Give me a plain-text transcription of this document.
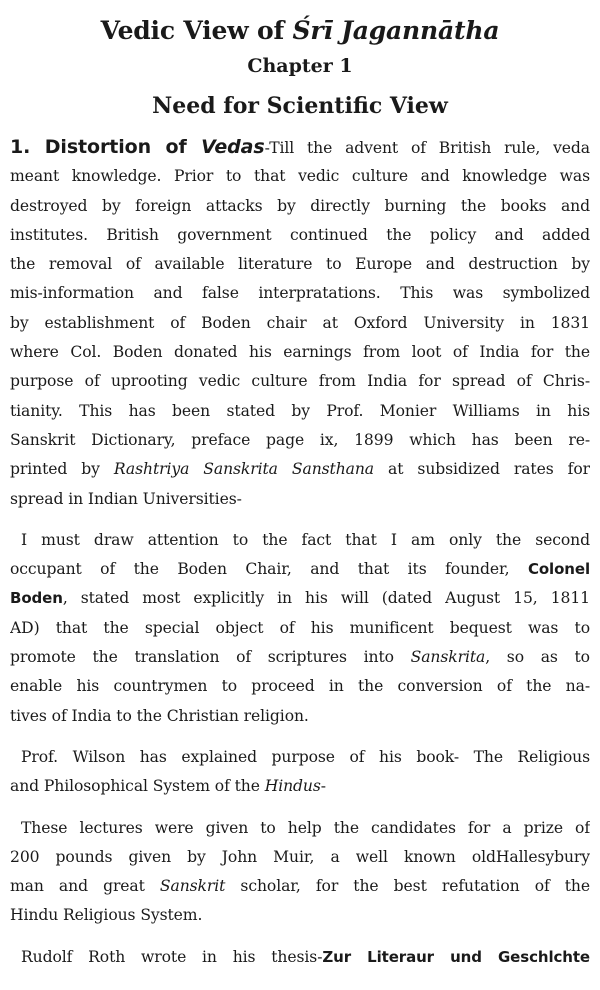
Vedic View of Śrī Jagannātha
Chapter 1
Need for Scientific View
1. Distortion of Vedas-Till the advent of British rule, veda
meant knowledge. Prior to that vedic culture and knowledge was
destroyed by foreign attacks by directly burning the books and
institutes. British government continued the policy and added
the removal of available literature to Europe and destruction by
mis-information and false interpratations. This was symbolized
by establishment of Boden chair at Oxford University in 1831
where Col. Boden donated his earnings from loot of India for the
purpose of uprooting vedic culture from India for spread of Chris-
tianity. This has been stated by Prof. Monier Williams in his
Sanskrit Dictionary, preface page ix, 1899 which has been re-
printed by Rashtriya Sanskrita Sansthana at subsidized rates for
spread in Indian Universities-
I must draw attention to the fact that I am only the second
occupant of the Boden Chair, and that its founder, Colonel
Boden, stated most explicitly in his will (dated August 15, 1811
AD) that the special object of his munificent bequest was to
promote the translation of scriptures into Sanskrita, so as to
enable his countrymen to proceed in the conversion of the na-
tives of India to the Christian religion.
Prof. Wilson has explained purpose of his book- The Religious
and Philosophical System of the Hindus-
These lectures were given to help the candidates for a prize of
200 pounds given by John Muir, a well known oldHallesybury
man and great Sanskrit scholar, for the best refutation of the
Hindu Religious System.
Rudolf Roth wrote in his thesis-Zur Literaur und Geschlchte
